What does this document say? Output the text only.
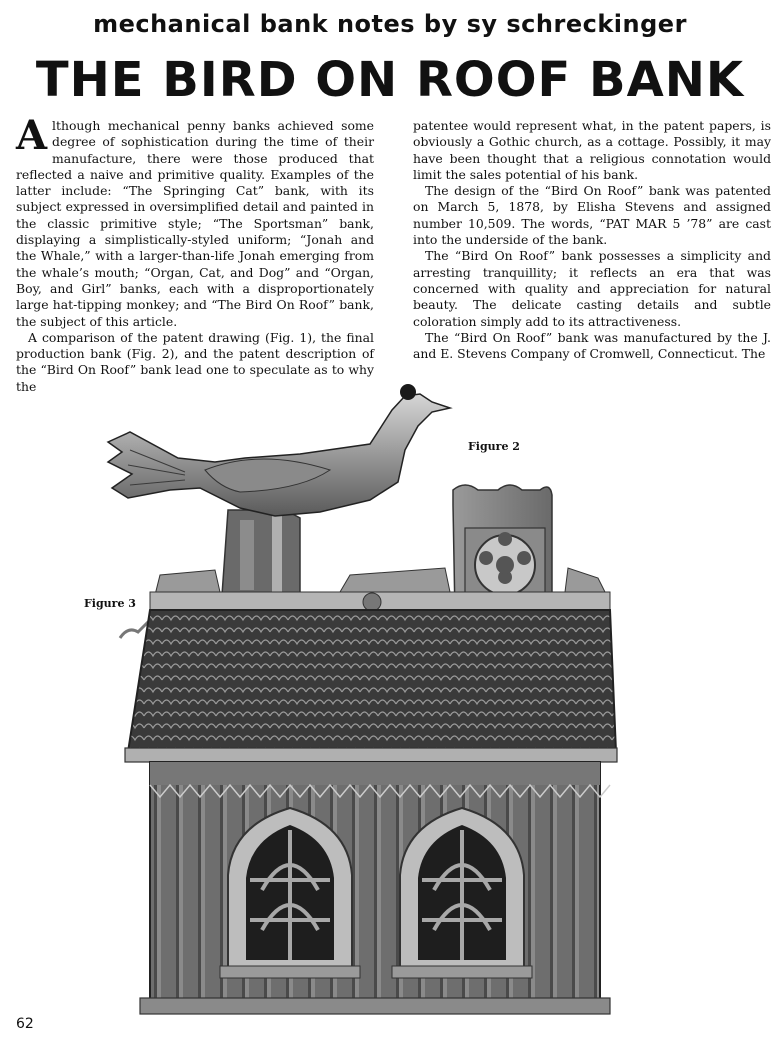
mechanical bank notes by sy schreckinger
THE BIRD ON ROOF BANK

Although mechanical penny banks achieved some degree of sophistication during the time of their manufacture, there were those produced that reflected a naive and primitive quality. Examples of the latter include: “The Springing Cat” bank, with its subject expressed in oversimplified detail and painted in the classic primitive style; “The Sportsman” bank, displaying a simplistically-styled uniform; “Jonah and the Whale,” with a larger-than-life Jonah emerging from the whale’s mouth; “Organ, Cat, and Dog” and “Organ, Boy, and Girl” banks, each with a disproportionately large hat-tipping monkey; and “The Bird On Roof” bank, the subject of this article.

A comparison of the patent drawing (Fig. 1), the final production bank (Fig. 2), and the patent description of the “Bird On Roof” bank lead one to speculate as to why the

patentee would represent what, in the patent papers, is obviously a Gothic church, as a cottage. Possibly, it may have been thought that a religious connotation would limit the sales potential of his bank.

The design of the “Bird On Roof” bank was patented on March 5, 1878, by Elisha Stevens and assigned number 10,509. The words, “PAT MAR 5 ’78” are cast into the underside of the bank.

The “Bird On Roof” bank possesses a simplicity and arresting tranquillity; it reflects an era that was concerned with quality and appreciation for natural beauty. The delicate casting details and subtle coloration simply add to its attractiveness.

The “Bird On Roof” bank was manufactured by the J. and E. Stevens Company of Cromwell, Connecticut. The

Figure 2
Figure 3
62
